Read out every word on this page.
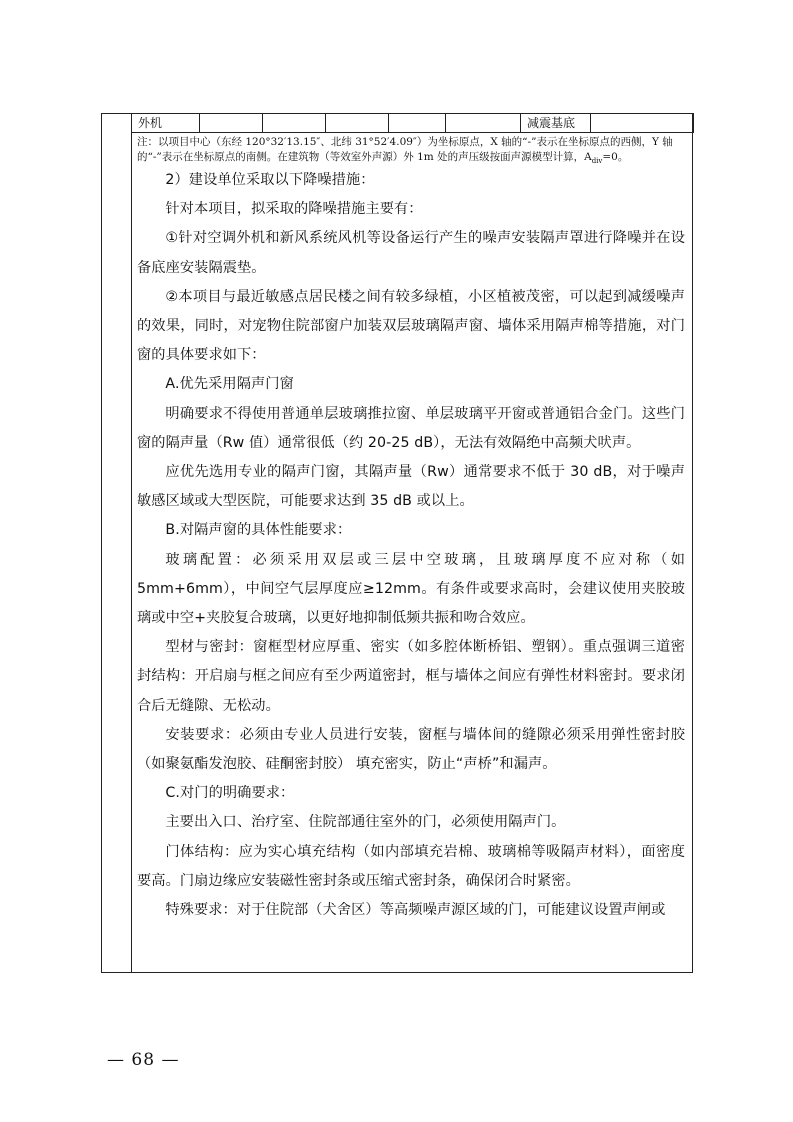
外机						减震基底	
注：以项目中心（东经 120°32′13.15″、北纬 31°52′4.09″）为坐标原点，X 轴的“-”表示在坐标原点的西侧，Y 轴的“-”表示在坐标原点的南侧。在建筑物（等效室外声源）外 1m 处的声压级按面声源模型计算，$A_{div}=0$。

2）建设单位采取以下降噪措施：

针对本项目，拟采取的降噪措施主要有：

①针对空调外机和新风系统风机等设备运行产生的噪声安装隔声罩进行降噪并在设备底座安装隔震垫。

②本项目与最近敏感点居民楼之间有较多绿植，小区植被茂密，可以起到减缓噪声的效果，同时，对宠物住院部窗户加装双层玻璃隔声窗、墙体采用隔声棉等措施，对门窗的具体要求如下：

A.优先采用隔声门窗

明确要求不得使用普通单层玻璃推拉窗、单层玻璃平开窗或普通铝合金门。这些门窗的隔声量（Rw 值）通常很低（约 20-25 dB），无法有效隔绝中高频犬吠声。

应优先选用专业的隔声门窗，其隔声量（Rw）通常要求不低于 30 dB，对于噪声敏感区域或大型医院，可能要求达到 35 dB 或以上。

B.对隔声窗的具体性能要求：

玻璃配置：必须采用双层或三层中空玻璃，且玻璃厚度不应对称（如 5mm+6mm），中间空气层厚度应≥12mm。有条件或要求高时，会建议使用夹胶玻璃或中空+夹胶复合玻璃，以更好地抑制低频共振和吻合效应。

型材与密封：窗框型材应厚重、密实（如多腔体断桥铝、塑钢）。重点强调三道密封结构：开启扇与框之间应有至少两道密封，框与墙体之间应有弹性材料密封。要求闭合后无缝隙、无松动。

安装要求：必须由专业人员进行安装，窗框与墙体间的缝隙必须采用弹性密封胶（如聚氨酯发泡胶、硅酮密封胶） 填充密实，防止“声桥”和漏声。

C.对门的明确要求：

主要出入口、治疗室、住院部通往室外的门，必须使用隔声门。

门体结构：应为实心填充结构（如内部填充岩棉、玻璃棉等吸隔声材料），面密度要高。门扇边缘应安装磁性密封条或压缩式密封条，确保闭合时紧密。

特殊要求：对于住院部（犬舍区）等高频噪声源区域的门，可能建议设置声闸或

— 68 —
